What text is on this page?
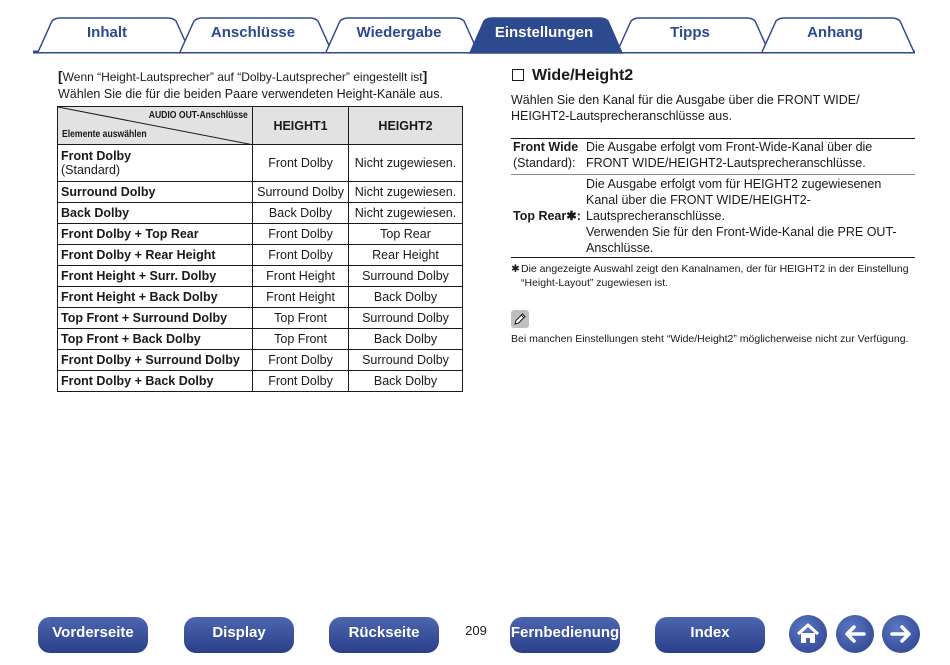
Inhalt	Anschlüsse	Wiedergabe	Einstellungen	Tipps	Anhang
[Wenn “Height-Lautsprecher” auf “Dolby-Lautsprecher” eingestellt ist]
Wählen Sie die für die beiden Paare verwendeten Height-Kanäle aus.
AUDIO OUT-Anschlüsse
Elemente auswählen	HEIGHT1	HEIGHT2
Front Dolby
(Standard)	Front Dolby	Nicht zugewiesen.
Surround Dolby	Surround Dolby	Nicht zugewiesen.
Back Dolby	Back Dolby	Nicht zugewiesen.
Front Dolby + Top Rear	Front Dolby	Top Rear
Front Dolby + Rear Height	Front Dolby	Rear Height
Front Height + Surr. Dolby	Front Height	Surround Dolby
Front Height + Back Dolby	Front Height	Back Dolby
Top Front + Surround Dolby	Top Front	Surround Dolby
Top Front + Back Dolby	Top Front	Back Dolby
Front Dolby + Surround Dolby	Front Dolby	Surround Dolby
Front Dolby + Back Dolby	Front Dolby	Back Dolby
Wide/Height2
Wählen Sie den Kanal für die Ausgabe über die FRONT WIDE/ HEIGHT2-Lautsprecheranschlüsse aus.
Front Wide
(Standard):
Die Ausgabe erfolgt vom Front-Wide-Kanal über die FRONT WIDE/HEIGHT2-Lautsprecheranschlüsse.
Top Rear✱:
Die Ausgabe erfolgt vom für HEIGHT2 zugewiesenen Kanal über die FRONT WIDE/HEIGHT2-Lautsprecheranschlüsse.
Verwenden Sie für den Front-Wide-Kanal die PRE OUT-Anschlüsse.
✱ Die angezeigte Auswahl zeigt den Kanalnamen, der für HEIGHT2 in der Einstellung “Height-Layout” zugewiesen ist.
Bei manchen Einstellungen steht “Wide/Height2” möglicherweise nicht zur Verfügung.
Vorderseite	Display	Rückseite	209 Fernbedienung	Index
